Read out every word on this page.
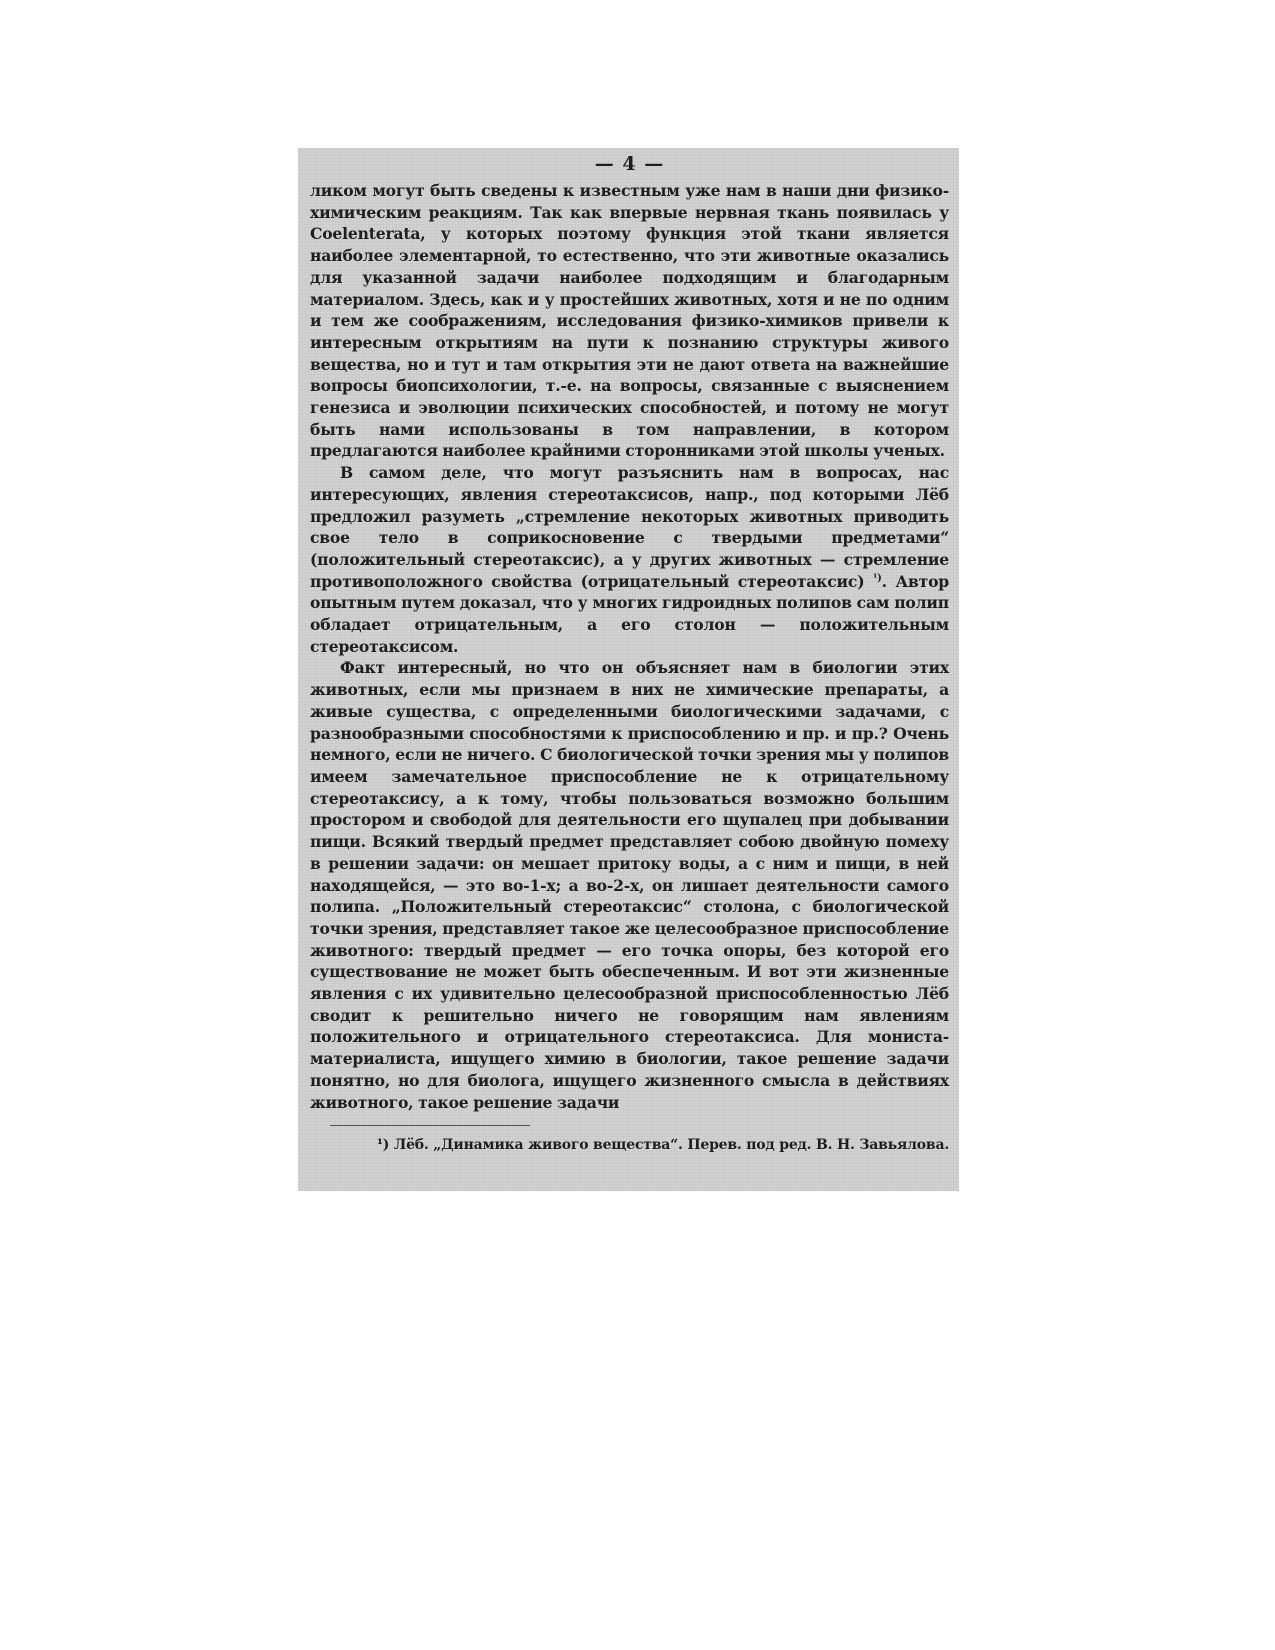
— 4 —

ликом могут быть сведены к известным уже нам в наши дни физико-химическим реакциям. Так как впервые нервная ткань появилась у Coelenterata, у которых поэтому функция этой ткани является наиболее элементарной, то естественно, что эти животные оказались для указанной задачи наиболее подходящим и благодарным материалом. Здесь, как и у простейших животных, хотя и не по одним и тем же соображениям, исследования физико-химиков привели к интересным открытиям на пути к познанию структуры живого вещества, но и тут и там открытия эти не дают ответа на важнейшие вопросы биопсихологии, т.-е. на вопросы, связанные с выяснением генезиса и эволюции психических способностей, и потому не могут быть нами использованы в том направлении, в котором предлагаются наиболее крайними сторонниками этой школы ученых.

В самом деле, что могут разъяснить нам в вопросах, нас интересующих, явления стереотаксисов, напр., под которыми Лёб предложил разуметь „стремление некоторых животных приводить свое тело в соприкосновение с твердыми предметами“ (положительный стереотаксис), а у других животных — стремление противоположного свойства (отрицательный стереотаксис) $^{^1)}$. Автор опытным путем доказал, что у многих гидроидных полипов сам полип обладает отрицательным, а его столон — положительным стереотаксисом.

Факт интересный, но что он объясняет нам в биологии этих животных, если мы признаем в них не химические препараты, а живые существа, с определенными биологическими задачами, с разнообразными способностями к приспособлению и пр. и пр.? Очень немного, если не ничего. С биологической точки зрения мы у полипов имеем замечательное приспособление не к отрицательному стереотаксису, а к тому, чтобы пользоваться возможно большим простором и свободой для деятельности его щупалец при добывании пищи. Всякий твердый предмет представляет собою двойную помеху в решении задачи: он мешает притоку воды, а с ним и пищи, в ней находящейся, — это во-1-х; а во-2-х, он лишает деятельности самого полипа. „Положительный стереотаксис“ столона, с биологической точки зрения, представляет такое же целесообразное приспособление животного: твердый предмет — его точка опоры, без которой его существование не может быть обеспеченным. И вот эти жизненные явления с их удивительно целесообразной приспособленностью Лёб сводит к решительно ничего не говорящим нам явлениям положительного и отрицательного стереотаксиса. Для мониста-материалиста, ищущего химию в биологии, такое решение задачи понятно, но для биолога, ищущего жизненного смысла в действиях животного, такое решение задачи

¹) Лёб. „Динамика живого вещества“. Перев. под ред. В. Н. Завьялова.
